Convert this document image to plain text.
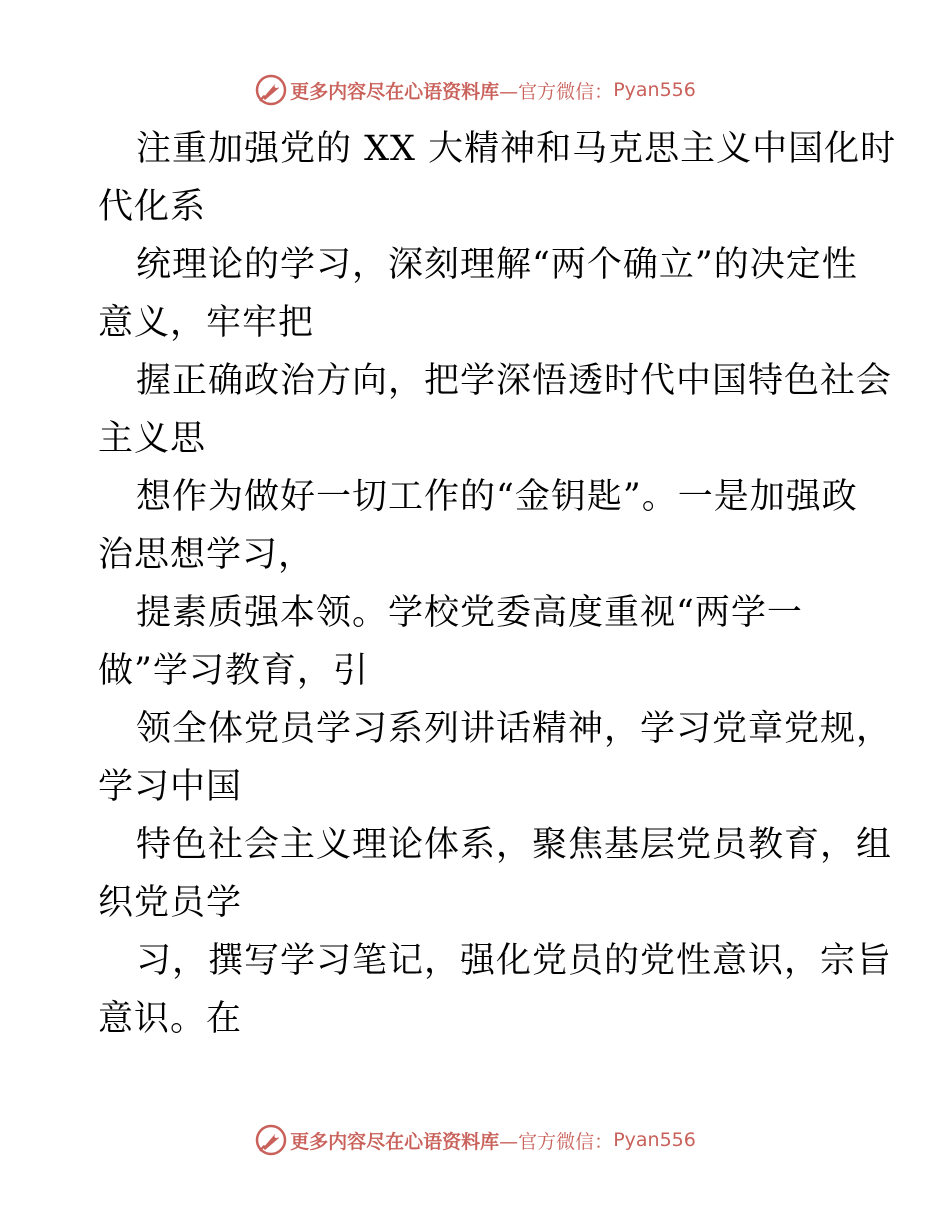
更多内容尽在心语资料库 —官方微信： Pyan556
注重加强党的 XX 大精神和马克思主义中国化时
代化系
统理论的学习，深刻理解“两个确立”的决定性
意义，牢牢把
握正确政治方向，把学深悟透时代中国特色社会
主义思
想作为做好一切工作的“金钥匙”。一是加强政
治思想学习，
提素质强本领。学校党委高度重视“两学一
做”学习教育，引
领全体党员学习系列讲话精神，学习党章党规，
学习中国
特色社会主义理论体系，聚焦基层党员教育，组
织党员学
习，撰写学习笔记，强化党员的党性意识，宗旨
意识。在
更多内容尽在心语资料库 —官方微信： Pyan556
